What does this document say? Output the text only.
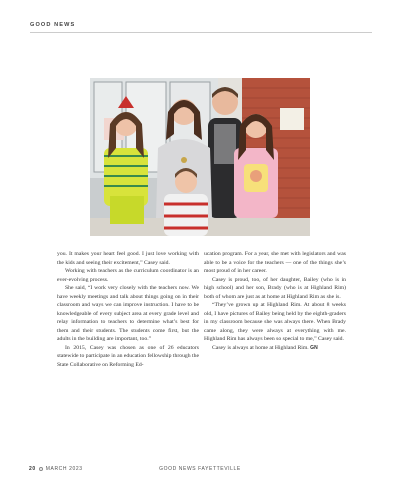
GOOD NEWS

you. It makes your heart feel good. I just love working with the kids and seeing their excitement,” Casey said.

Working with teachers as the curriculum coordinator is an ever-evolving process.

She said, “I work very closely with the teachers now. We have weekly meetings and talk about things going on in their classroom and ways we can improve instruction. I have to be knowledgeable of every subject area at every grade level and relay information to teachers to determine what’s best for them and their students. The students come first, but the adults in the building are important, too.”

In 2015, Casey was chosen as one of 26 educators statewide to participate in an education fellowship through the State Collaborative on Reforming Ed-

ucation program. For a year, she met with legislators and was able to be a voice for the teachers — one of the things she’s most proud of in her career.

Casey is proud, too, of her daughter, Bailey (who is in high school) and her son, Brady (who is at Highland Rim) both of whom are just as at home at Highland Rim as she is.

“They’ve grown up at Highland Rim. At about 8 weeks old, I have pictures of Bailey being held by the eighth-graders in my classroom because she was always there. When Brady came along, they were always at everything with me. Highland Rim has always been so special to me,” Casey said.

Casey is always at home at Highland Rim. GN

20 MARCH 2023	GOOD NEWS FAYETTEVILLE
